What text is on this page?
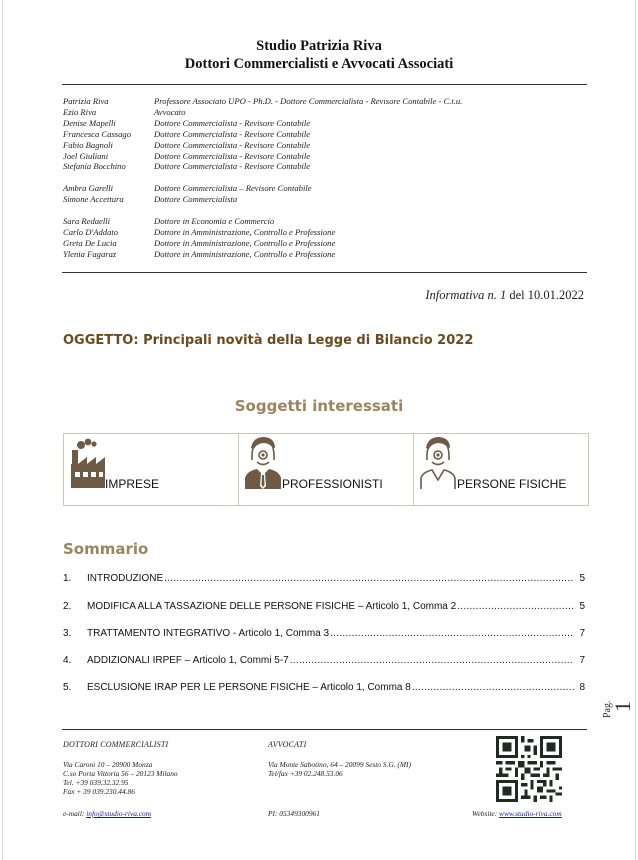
Studio Patrizia Riva
Dottori Commercialisti e Avvocati Associati
Patrizia Riva	Professore Associato UPO - Ph.D. - Dottore Commercialista - Revisore Contabile - C.t.u.
Ezio Riva	Avvocato
Denise Mapelli	Dottore Commercialista - Revisore Contabile
Francesca Cassago	Dottore Commercialista - Revisore Contabile
Fabio Bagnoli	Dottore Commercialista - Revisore Contabile
Joel Giuliani	Dottore Commercialista - Revisore Contabile
Stefania Bocchino	Dottore Commercialista - Revisore Contabile
Ambra Garelli	Dottore Commercialista – Revisore Contabile
Simone Accettura	Dottore Commercialista
Sara Redaelli	Dottore in Economia e Commercio
Carlo D'Addato	Dottore in Amministrazione, Controllo e Professione
Greta De Lucia	Dottore in Amministrazione, Controllo e Professione
Ylenia Fagaraz	Dottore in Amministrazione, Controllo e Professione
Informativa n. 1 del 10.01.2022
OGGETTO: Principali novità della Legge di Bilancio 2022
Soggetti interessati
IMPRESE	PROFESSIONISTI	PERSONE FISICHE
Sommario
1.	INTRODUZIONE .....	5
2.	MODIFICA ALLA TASSAZIONE DELLE PERSONE FISICHE – Articolo 1, Comma 2 .....	5
3.	TRATTAMENTO INTEGRATIVO - Articolo 1, Comma 3 .....	7
4.	ADDIZIONALI IRPEF – Articolo 1, Commi 5-7 .....	7
5.	ESCLUSIONE IRAP PER LE PERSONE FISICHE – Articolo 1, Comma 8 .....	8
Pag.
1
DOTTORI COMMERCIALISTI
Via Caroni 10 – 20900 Monza
C.so Porta Vittoria 56 – 20123 Milano
Tel. +39 039.32.32.95
Fax + 39 039.230.44.86
AVVOCATI
Via Monte Sabotino, 64 – 20099 Sesto S.G. (MI)
Tel/fax +39 02.248.53.06
e-mail: info@studio-riva.com	PI: 05349300961	Website: www.studio-riva.com
